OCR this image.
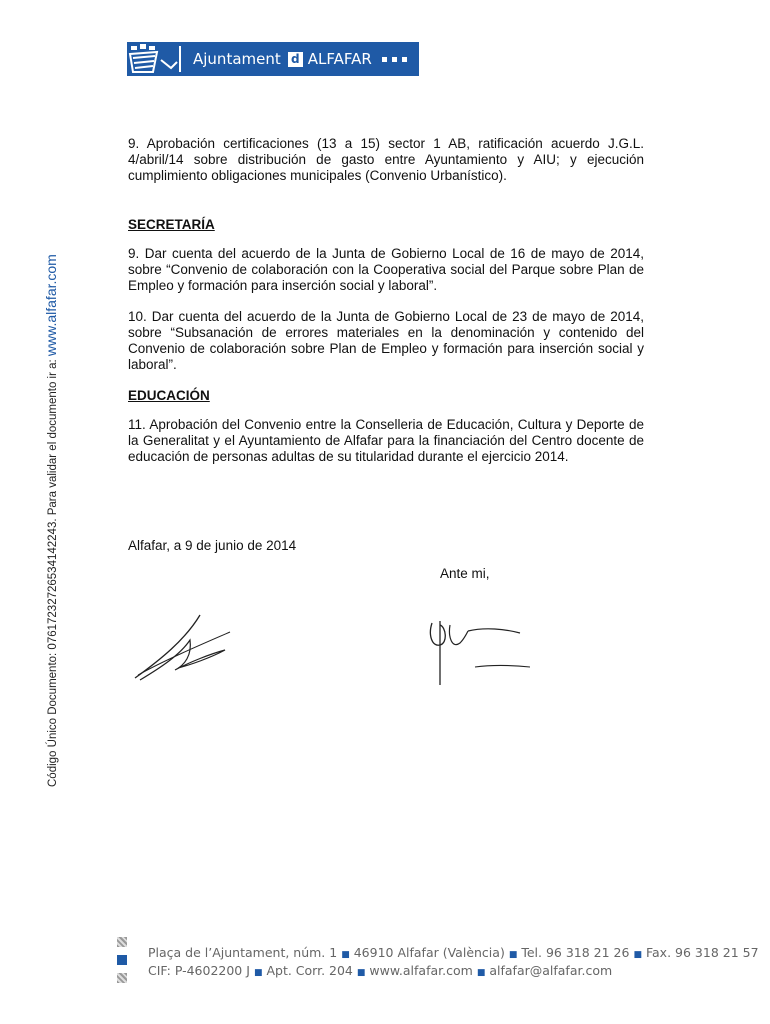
Ajuntament d ALFAFAR
Código Único Documento: 07617232726534142243. Para validar el documento ir a: www.alfafar.com

9. Aprobación certificaciones (13 a 15) sector 1 AB, ratificación acuerdo J.G.L. 4/abril/14 sobre distribución de gasto entre Ayuntamiento y AIU; y ejecución cumplimiento obligaciones municipales (Convenio Urbanístico).

SECRETARÍA

9. Dar cuenta del acuerdo de la Junta de Gobierno Local de 16 de mayo de 2014, sobre “Convenio de colaboración con la Cooperativa social del Parque sobre Plan de Empleo y formación para inserción social y laboral”.

10. Dar cuenta del acuerdo de la Junta de Gobierno Local de 23 de mayo de 2014, sobre “Subsanación de errores materiales en la denominación y contenido del Convenio de colaboración sobre Plan de Empleo y formación para inserción social y laboral”.

EDUCACIÓN

11. Aprobación del Convenio entre la Conselleria de Educación, Cultura y Deporte de la Generalitat y el Ayuntamiento de Alfafar para la financiación del Centro docente de educación de personas adultas de su titularidad durante el ejercicio 2014.

Alfafar, a 9 de junio de 2014
Ante mi,
Plaça de l’Ajuntament, núm. 1 ■ 46910 Alfafar (València) ■ Tel. 96 318 21 26 ■ Fax. 96 318 21 57
CIF: P-4602200 J ■ Apt. Corr. 204 ■ www.alfafar.com ■ alfafar@alfafar.com
